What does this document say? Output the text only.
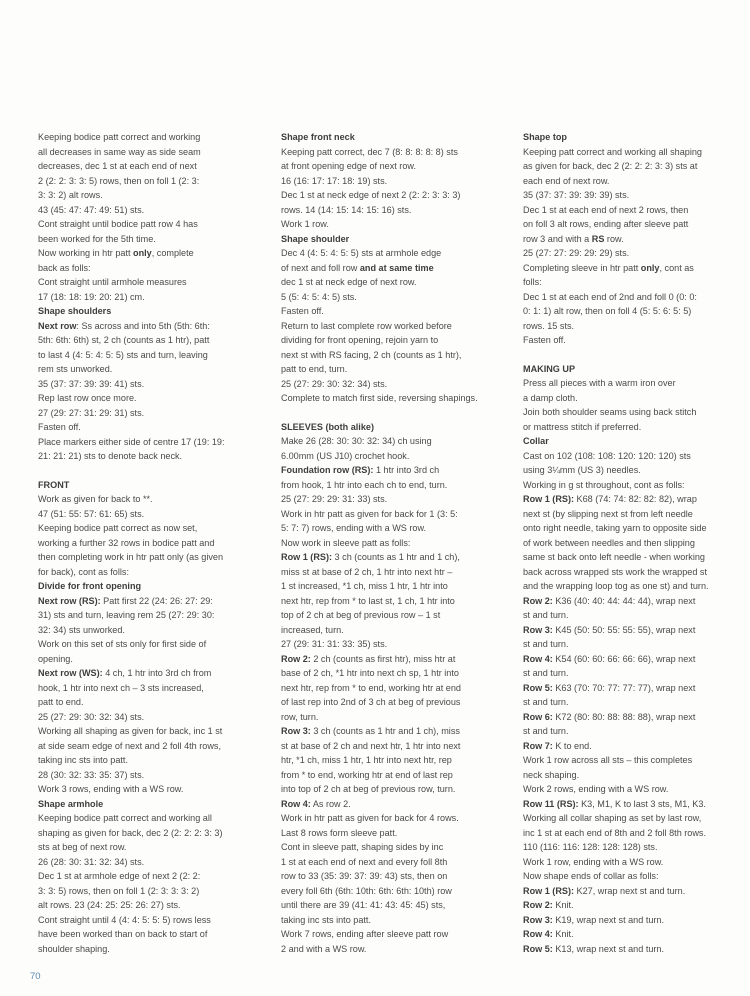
Keeping bodice patt correct and working

all decreases in same way as side seam

decreases, dec 1 st at each end of next

2 (2: 2: 3: 3: 5) rows, then on foll 1 (2: 3:

3: 3: 2) alt rows.

43 (45: 47: 47: 49: 51) sts.

Cont straight until bodice patt row 4 has

been worked for the 5th time.

Now working in htr patt only, complete

back as folls:

Cont straight until armhole measures

17 (18: 18: 19: 20: 21) cm.

Shape shoulders

Next row: Ss across and into 5th (5th: 6th:

5th: 6th: 6th) st, 2 ch (counts as 1 htr), patt

to last 4 (4: 5: 4: 5: 5) sts and turn, leaving

rem sts unworked.

35 (37: 37: 39: 39: 41) sts.

Rep last row once more.

27 (29: 27: 31: 29: 31) sts.

Fasten off.

Place markers either side of centre 17 (19: 19:

21: 21: 21) sts to denote back neck.

FRONT

Work as given for back to **.

47 (51: 55: 57: 61: 65) sts.

Keeping bodice patt correct as now set,

working a further 32 rows in bodice patt and

then completing work in htr patt only (as given

for back), cont as folls:

Divide for front opening

Next row (RS): Patt first 22 (24: 26: 27: 29:

31) sts and turn, leaving rem 25 (27: 29: 30:

32: 34) sts unworked.

Work on this set of sts only for first side of

opening.

Next row (WS): 4 ch, 1 htr into 3rd ch from

hook, 1 htr into next ch – 3 sts increased,

patt to end.

25 (27: 29: 30: 32: 34) sts.

Working all shaping as given for back, inc 1 st

at side seam edge of next and 2 foll 4th rows,

taking inc sts into patt.

28 (30: 32: 33: 35: 37) sts.

Work 3 rows, ending with a WS row.

Shape armhole

Keeping bodice patt correct and working all

shaping as given for back, dec 2 (2: 2: 2: 3: 3)

sts at beg of next row.

26 (28: 30: 31: 32: 34) sts.

Dec 1 st at armhole edge of next 2 (2: 2:

3: 3: 5) rows, then on foll 1 (2: 3: 3: 3: 2)

alt rows. 23 (24: 25: 25: 26: 27) sts.

Cont straight until 4 (4: 4: 5: 5: 5) rows less

have been worked than on back to start of

shoulder shaping.

Shape front neck

Keeping patt correct, dec 7 (8: 8: 8: 8: 8) sts

at front opening edge of next row.

16 (16: 17: 17: 18: 19) sts.

Dec 1 st at neck edge of next 2 (2: 2: 3: 3: 3)

rows. 14 (14: 15: 14: 15: 16) sts.

Work 1 row.

Shape shoulder

Dec 4 (4: 5: 4: 5: 5) sts at armhole edge

of next and foll row and at same time

dec 1 st at neck edge of next row.

5 (5: 4: 5: 4: 5) sts.

Fasten off.

Return to last complete row worked before

dividing for front opening, rejoin yarn to

next st with RS facing, 2 ch (counts as 1 htr),

patt to end, turn.

25 (27: 29: 30: 32: 34) sts.

Complete to match first side, reversing shapings.

SLEEVES (both alike)

Make 26 (28: 30: 30: 32: 34) ch using

6.00mm (US J10) crochet hook.

Foundation row (RS): 1 htr into 3rd ch

from hook, 1 htr into each ch to end, turn.

25 (27: 29: 29: 31: 33) sts.

Work in htr patt as given for back for 1 (3: 5:

5: 7: 7) rows, ending with a WS row.

Now work in sleeve patt as folls:

Row 1 (RS): 3 ch (counts as 1 htr and 1 ch),

miss st at base of 2 ch, 1 htr into next htr –

1 st increased, *1 ch, miss 1 htr, 1 htr into

next htr, rep from * to last st, 1 ch, 1 htr into

top of 2 ch at beg of previous row – 1 st

increased, turn.

27 (29: 31: 31: 33: 35) sts.

Row 2: 2 ch (counts as first htr), miss htr at

base of 2 ch, *1 htr into next ch sp, 1 htr into

next htr, rep from * to end, working htr at end

of last rep into 2nd of 3 ch at beg of previous

row, turn.

Row 3: 3 ch (counts as 1 htr and 1 ch), miss

st at base of 2 ch and next htr, 1 htr into next

htr, *1 ch, miss 1 htr, 1 htr into next htr, rep

from * to end, working htr at end of last rep

into top of 2 ch at beg of previous row, turn.

Row 4: As row 2.

Work in htr patt as given for back for 4 rows.

Last 8 rows form sleeve patt.

Cont in sleeve patt, shaping sides by inc

1 st at each end of next and every foll 8th

row to 33 (35: 39: 37: 39: 43) sts, then on

every foll 6th (6th: 10th: 6th: 6th: 10th) row

until there are 39 (41: 41: 43: 45: 45) sts,

taking inc sts into patt.

Work 7 rows, ending after sleeve patt row

2 and with a WS row.

Shape top

Keeping patt correct and working all shaping

as given for back, dec 2 (2: 2: 2: 3: 3) sts at

each end of next row.

35 (37: 37: 39: 39: 39) sts.

Dec 1 st at each end of next 2 rows, then

on foll 3 alt rows, ending after sleeve patt

row 3 and with a RS row.

25 (27: 27: 29: 29: 29) sts.

Completing sleeve in htr patt only, cont as

folls:

Dec 1 st at each end of 2nd and foll 0 (0: 0:

0: 1: 1) alt row, then on foll 4 (5: 5: 6: 5: 5)

rows. 15 sts.

Fasten off.

MAKING UP

Press all pieces with a warm iron over

a damp cloth.

Join both shoulder seams using back stitch

or mattress stitch if preferred.

Collar

Cast on 102 (108: 108: 120: 120: 120) sts

using 3¼mm (US 3) needles.

Working in g st throughout, cont as folls:

Row 1 (RS): K68 (74: 74: 82: 82: 82), wrap

next st (by slipping next st from left needle

onto right needle, taking yarn to opposite side

of work between needles and then slipping

same st back onto left needle - when working

back across wrapped sts work the wrapped st

and the wrapping loop tog as one st) and turn.

Row 2: K36 (40: 40: 44: 44: 44), wrap next

st and turn.

Row 3: K45 (50: 50: 55: 55: 55), wrap next

st and turn.

Row 4: K54 (60: 60: 66: 66: 66), wrap next

st and turn.

Row 5: K63 (70: 70: 77: 77: 77), wrap next

st and turn.

Row 6: K72 (80: 80: 88: 88: 88), wrap next

st and turn.

Row 7: K to end.

Work 1 row across all sts – this completes

neck shaping.

Work 2 rows, ending with a WS row.

Row 11 (RS): K3, M1, K to last 3 sts, M1, K3.

Working all collar shaping as set by last row,

inc 1 st at each end of 8th and 2 foll 8th rows.

110 (116: 116: 128: 128: 128) sts.

Work 1 row, ending with a WS row.

Now shape ends of collar as folls:

Row 1 (RS): K27, wrap next st and turn.

Row 2: Knit.

Row 3: K19, wrap next st and turn.

Row 4: Knit.

Row 5: K13, wrap next st and turn.

70
